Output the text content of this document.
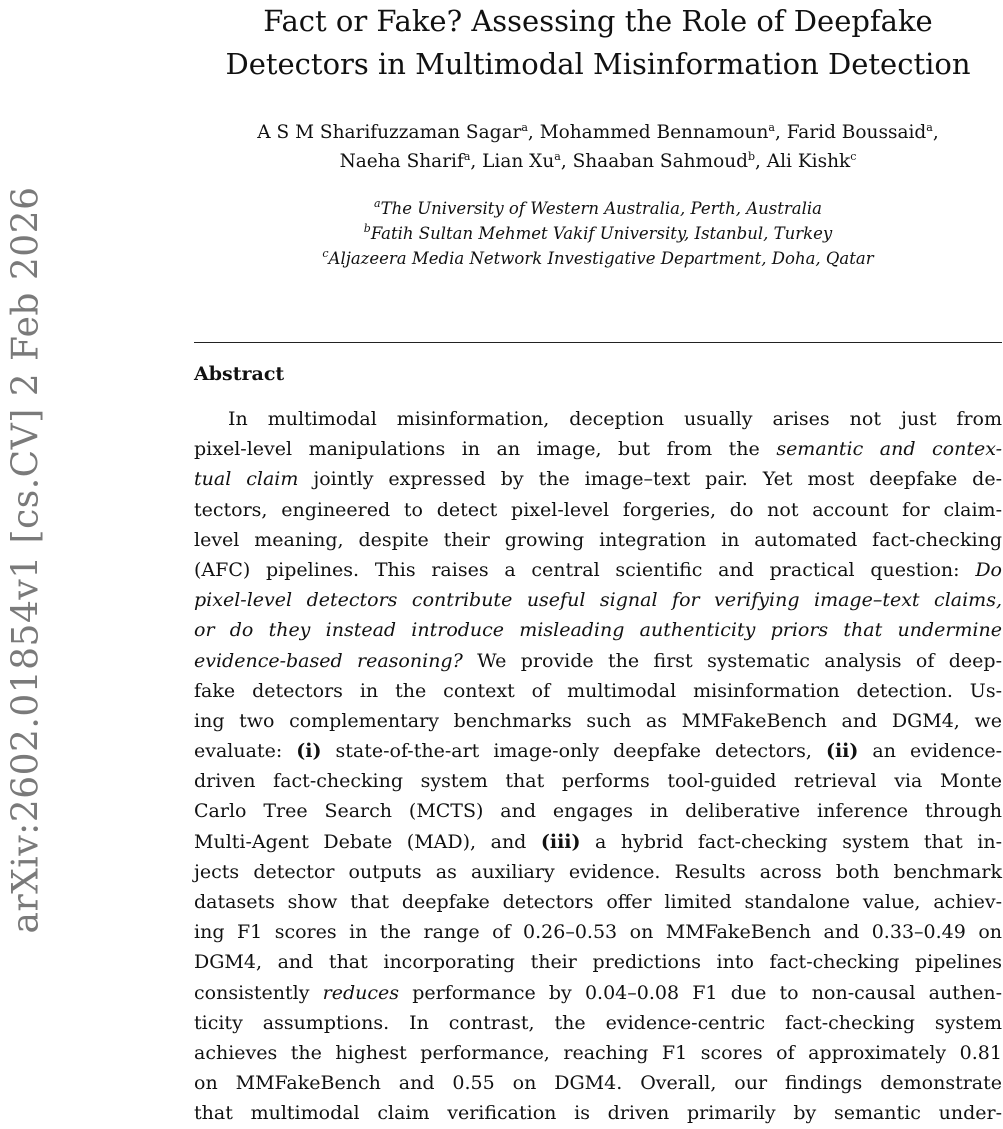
arXiv:2602.01854v1 [cs.CV] 2 Feb 2026
Fact or Fake? Assessing the Role of Deepfake
Detectors in Multimodal Misinformation Detection
A S M Sharifuzzaman Sagar$^a$, Mohammed Bennamoun$^a$, Farid Boussaid$^a$,
Naeha Sharif$^a$, Lian Xu$^a$, Shaaban Sahmoud$^b$, Ali Kishk$^c$
$^a$The University of Western Australia, Perth, Australia
$^b$Fatih Sultan Mehmet Vakif University, Istanbul, Turkey
$^c$Aljazeera Media Network Investigative Department, Doha, Qatar
Abstract
In multimodal misinformation, deception usually arises not just from
pixel-level manipulations in an image, but from the semantic and contex-
tual claim jointly expressed by the image–text pair. Yet most deepfake de-
tectors, engineered to detect pixel-level forgeries, do not account for claim-
level meaning, despite their growing integration in automated fact-checking
(AFC) pipelines. This raises a central scientific and practical question: Do
pixel-level detectors contribute useful signal for verifying image–text claims,
or do they instead introduce misleading authenticity priors that undermine
evidence-based reasoning? We provide the first systematic analysis of deep-
fake detectors in the context of multimodal misinformation detection. Us-
ing two complementary benchmarks such as MMFakeBench and DGM4, we
evaluate: (i) state-of-the-art image-only deepfake detectors, (ii) an evidence-
driven fact-checking system that performs tool-guided retrieval via Monte
Carlo Tree Search (MCTS) and engages in deliberative inference through
Multi-Agent Debate (MAD), and (iii) a hybrid fact-checking system that in-
jects detector outputs as auxiliary evidence. Results across both benchmark
datasets show that deepfake detectors offer limited standalone value, achiev-
ing F1 scores in the range of 0.26–0.53 on MMFakeBench and 0.33–0.49 on
DGM4, and that incorporating their predictions into fact-checking pipelines
consistently reduces performance by 0.04–0.08 F1 due to non-causal authen-
ticity assumptions. In contrast, the evidence-centric fact-checking system
achieves the highest performance, reaching F1 scores of approximately 0.81
on MMFakeBench and 0.55 on DGM4. Overall, our findings demonstrate
that multimodal claim verification is driven primarily by semantic under-
